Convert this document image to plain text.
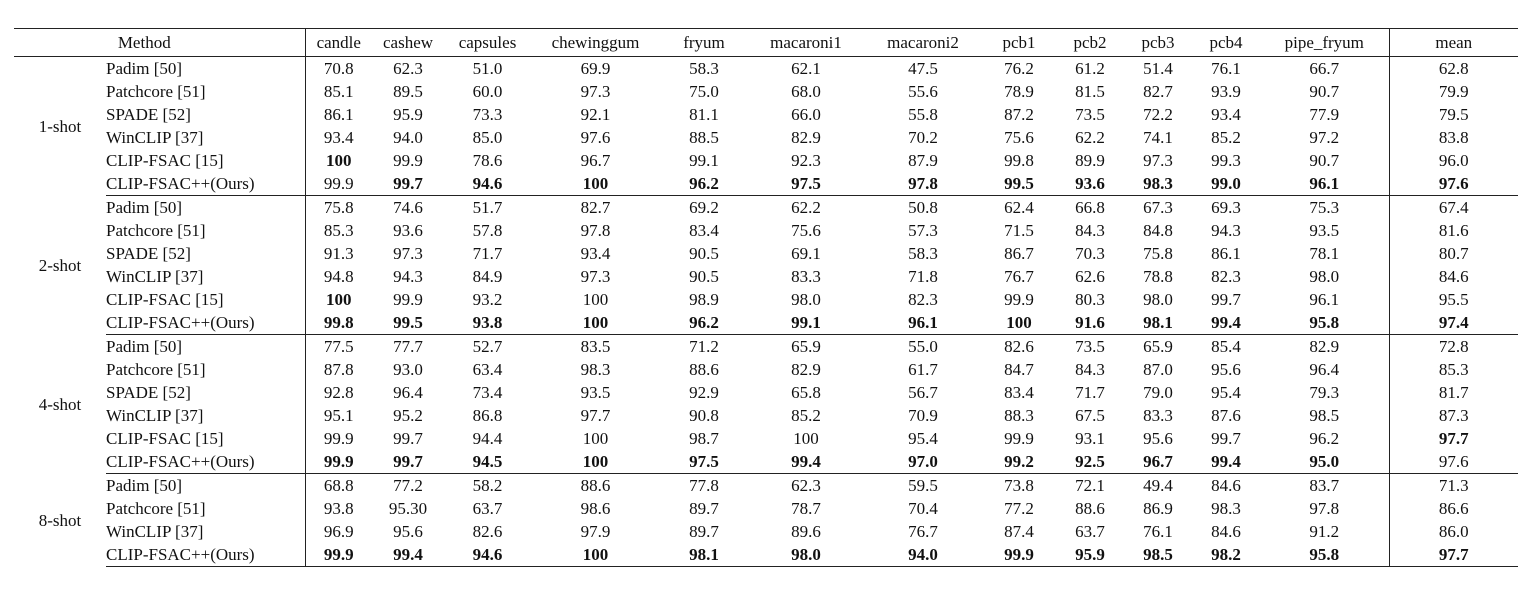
Method		candle	cashew	capsules	chewinggum	fryum	macaroni1	macaroni2	pcb1	pcb2	pcb3	pcb4	pipe_fryum	mean
1-shot	Padim [50]	70.8	62.3	51.0	69.9	58.3	62.1	47.5	76.2	61.2	51.4	76.1	66.7	62.8
	Patchcore [51]	85.1	89.5	60.0	97.3	75.0	68.0	55.6	78.9	81.5	82.7	93.9	90.7	79.9
	SPADE [52]	86.1	95.9	73.3	92.1	81.1	66.0	55.8	87.2	73.5	72.2	93.4	77.9	79.5
	WinCLIP [37]	93.4	94.0	85.0	97.6	88.5	82.9	70.2	75.6	62.2	74.1	85.2	97.2	83.8
	CLIP-FSAC [15]	100	99.9	78.6	96.7	99.1	92.3	87.9	99.8	89.9	97.3	99.3	90.7	96.0
	CLIP-FSAC++(Ours)	99.9	99.7	94.6	100	96.2	97.5	97.8	99.5	93.6	98.3	99.0	96.1	97.6
2-shot	Padim [50]	75.8	74.6	51.7	82.7	69.2	62.2	50.8	62.4	66.8	67.3	69.3	75.3	67.4
	Patchcore [51]	85.3	93.6	57.8	97.8	83.4	75.6	57.3	71.5	84.3	84.8	94.3	93.5	81.6
	SPADE [52]	91.3	97.3	71.7	93.4	90.5	69.1	58.3	86.7	70.3	75.8	86.1	78.1	80.7
	WinCLIP [37]	94.8	94.3	84.9	97.3	90.5	83.3	71.8	76.7	62.6	78.8	82.3	98.0	84.6
	CLIP-FSAC [15]	100	99.9	93.2	100	98.9	98.0	82.3	99.9	80.3	98.0	99.7	96.1	95.5
	CLIP-FSAC++(Ours)	99.8	99.5	93.8	100	96.2	99.1	96.1	100	91.6	98.1	99.4	95.8	97.4
4-shot	Padim [50]	77.5	77.7	52.7	83.5	71.2	65.9	55.0	82.6	73.5	65.9	85.4	82.9	72.8
	Patchcore [51]	87.8	93.0	63.4	98.3	88.6	82.9	61.7	84.7	84.3	87.0	95.6	96.4	85.3
	SPADE [52]	92.8	96.4	73.4	93.5	92.9	65.8	56.7	83.4	71.7	79.0	95.4	79.3	81.7
	WinCLIP [37]	95.1	95.2	86.8	97.7	90.8	85.2	70.9	88.3	67.5	83.3	87.6	98.5	87.3
	CLIP-FSAC [15]	99.9	99.7	94.4	100	98.7	100	95.4	99.9	93.1	95.6	99.7	96.2	97.7
	CLIP-FSAC++(Ours)	99.9	99.7	94.5	100	97.5	99.4	97.0	99.2	92.5	96.7	99.4	95.0	97.6
8-shot	Padim [50]	68.8	77.2	58.2	88.6	77.8	62.3	59.5	73.8	72.1	49.4	84.6	83.7	71.3
	Patchcore [51]	93.8	95.30	63.7	98.6	89.7	78.7	70.4	77.2	88.6	86.9	98.3	97.8	86.6
	WinCLIP [37]	96.9	95.6	82.6	97.9	89.7	89.6	76.7	87.4	63.7	76.1	84.6	91.2	86.0
	CLIP-FSAC++(Ours)	99.9	99.4	94.6	100	98.1	98.0	94.0	99.9	95.9	98.5	98.2	95.8	97.7
